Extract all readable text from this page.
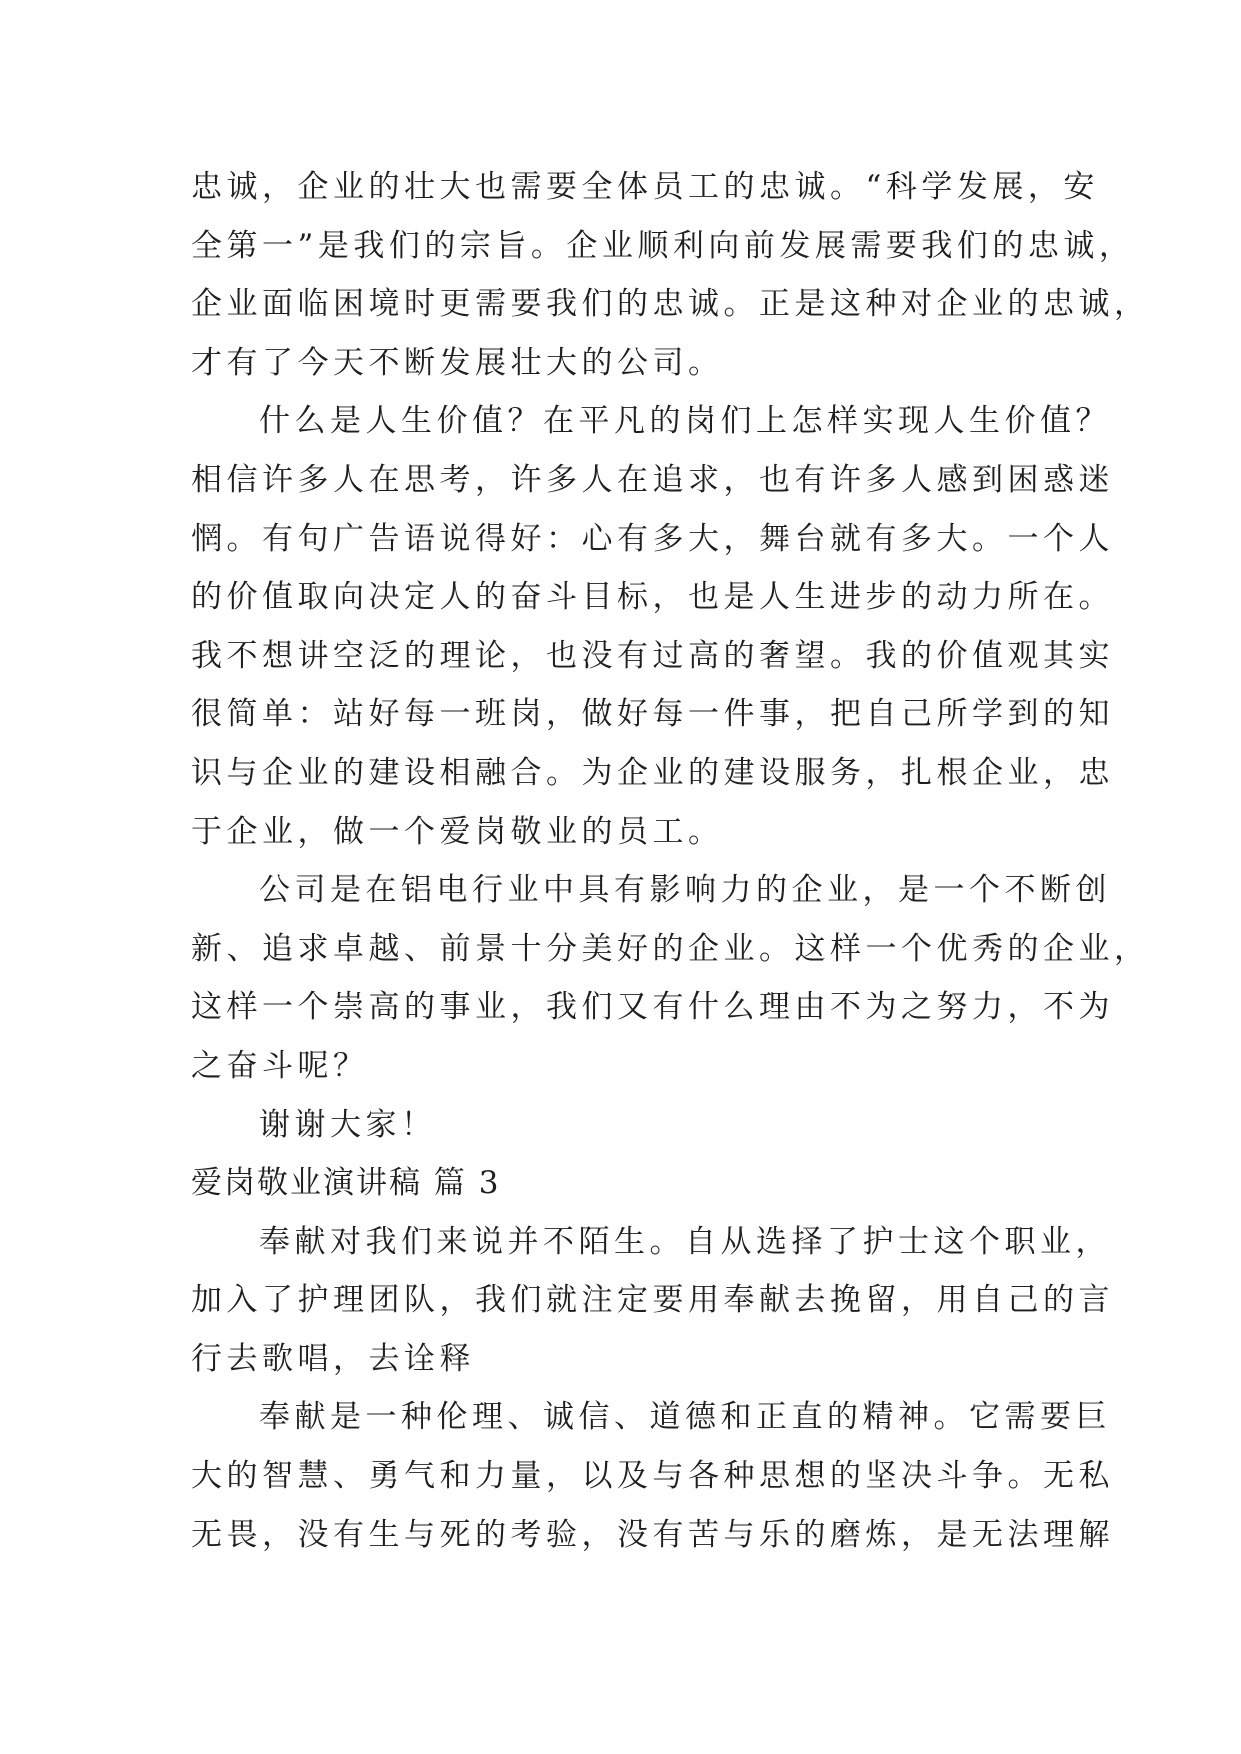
忠诚，企业的壮大也需要全体员工的忠诚。“科学发展，安
全第一”是我们的宗旨。企业顺利向前发展需要我们的忠诚，
企业面临困境时更需要我们的忠诚。正是这种对企业的忠诚，
才有了今天不断发展壮大的公司。
什么是人生价值？在平凡的岗们上怎样实现人生价值？
相信许多人在思考，许多人在追求，也有许多人感到困惑迷
惘。有句广告语说得好：心有多大，舞台就有多大。一个人
的价值取向决定人的奋斗目标，也是人生进步的动力所在。
我不想讲空泛的理论，也没有过高的奢望。我的价值观其实
很简单：站好每一班岗，做好每一件事，把自己所学到的知
识与企业的建设相融合。为企业的建设服务，扎根企业，忠
于企业，做一个爱岗敬业的员工。
公司是在铝电行业中具有影响力的企业，是一个不断创
新、追求卓越、前景十分美好的企业。这样一个优秀的企业，
这样一个崇高的事业，我们又有什么理由不为之努力，不为
之奋斗呢？
谢谢大家！
爱岗敬业演讲稿 篇 3
奉献对我们来说并不陌生。自从选择了护士这个职业，
加入了护理团队，我们就注定要用奉献去挽留，用自己的言
行去歌唱，去诠释
奉献是一种伦理、诚信、道德和正直的精神。它需要巨
大的智慧、勇气和力量，以及与各种思想的坚决斗争。无私
无畏，没有生与死的考验，没有苦与乐的磨炼，是无法理解
